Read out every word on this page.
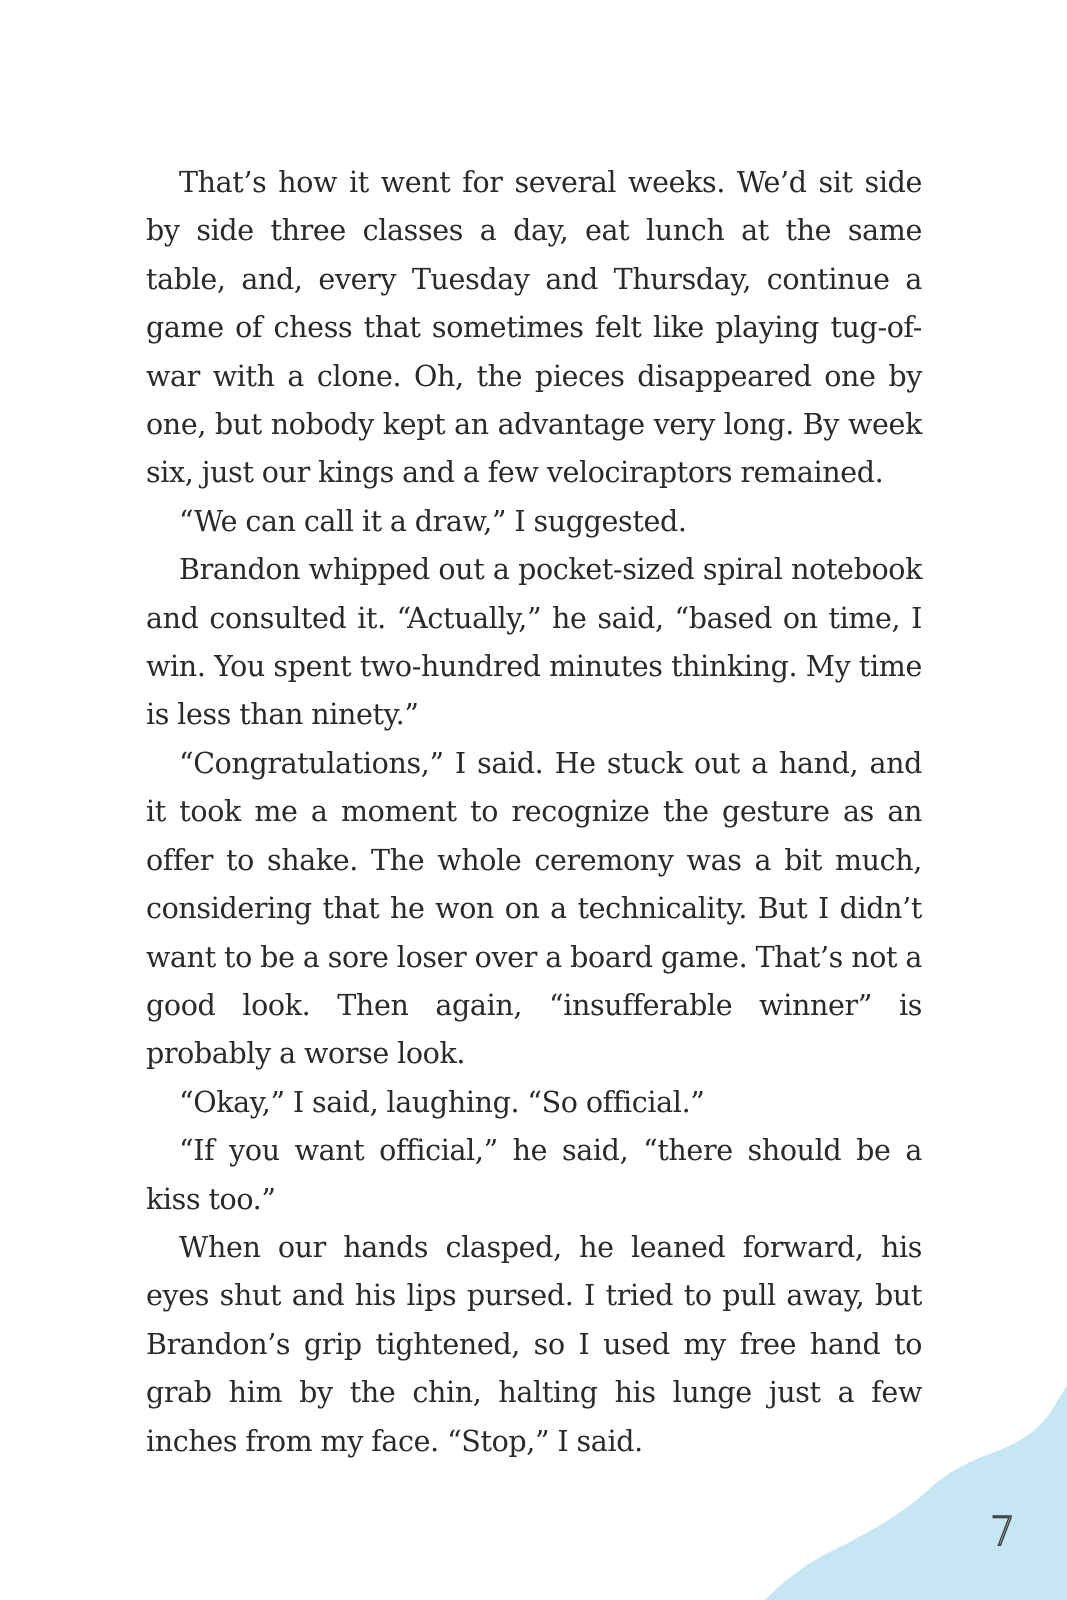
That’s how it went for several weeks. We’d sit side by side three classes a day, eat lunch at the same table, and, every Tuesday and Thursday, continue a game of chess that sometimes felt like playing tug-of-war with a clone. Oh, the pieces disappeared one by one, but nobody kept an advantage very long. By week six, just our kings and a few velociraptors remained.

“We can call it a draw,” I suggested.

Brandon whipped out a pocket-sized spiral notebook and consulted it. “Actually,” he said, “based on time, I win. You spent two-hundred minutes thinking. My time is less than ninety.”

“Congratulations,” I said. He stuck out a hand, and it took me a moment to recognize the gesture as an offer to shake. The whole ceremony was a bit much, considering that he won on a technicality. But I didn’t want to be a sore loser over a board game. That’s not a good look. Then again, “insufferable winner” is probably a worse look.

“Okay,” I said, laughing. “So official.”

“If you want official,” he said, “there should be a kiss too.”

When our hands clasped, he leaned forward, his eyes shut and his lips pursed. I tried to pull away, but Brandon’s grip tightened, so I used my free hand to grab him by the chin, halting his lunge just a few inches from my face. “Stop,” I said.

7
